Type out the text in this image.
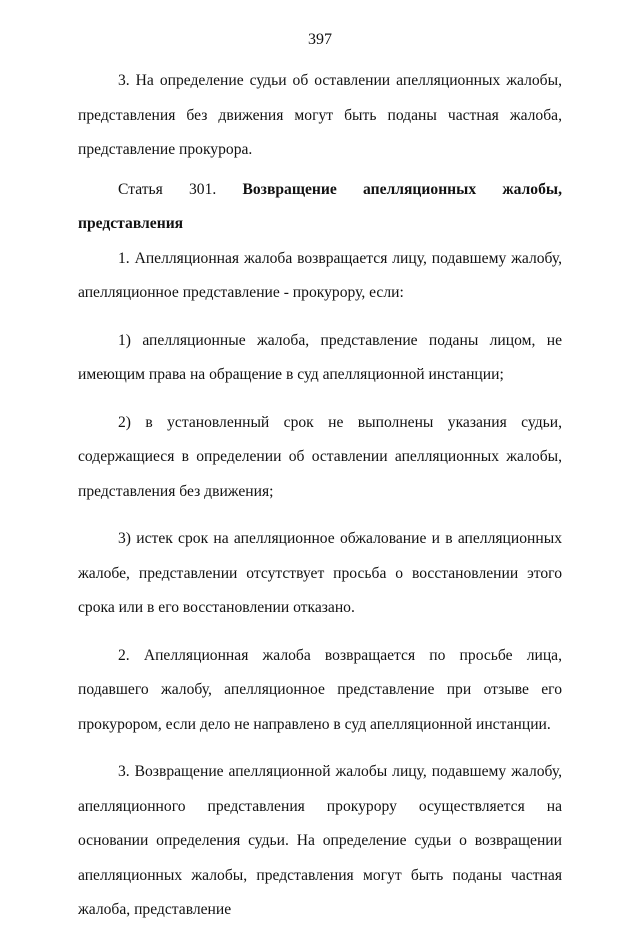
397

3. На определение судьи об оставлении апелляционных жалобы, представления без движения могут быть поданы частная жалоба, представление прокурора.

Статья 301. Возвращение апелляционных жалобы, представления

1. Апелляционная жалоба возвращается лицу, подавшему жалобу, апелляционное представление - прокурору, если:

1) апелляционные жалоба, представление поданы лицом, не имеющим права на обращение в суд апелляционной инстанции;

2) в установленный срок не выполнены указания судьи, содержащиеся в определении об оставлении апелляционных жалобы, представления без движения;

3) истек срок на апелляционное обжалование и в апелляционных жалобе, представлении отсутствует просьба о восстановлении этого срока или в его восстановлении отказано.

2. Апелляционная жалоба возвращается по просьбе лица, подавшего жалобу, апелляционное представление при отзыве его прокурором, если дело не направлено в суд апелляционной инстанции.

3. Возвращение апелляционной жалобы лицу, подавшему жалобу, апелляционного представления прокурору осуществляется на основании определения судьи. На определение судьи о возвращении апелляционных жалобы, представления могут быть поданы частная жалоба, представление
